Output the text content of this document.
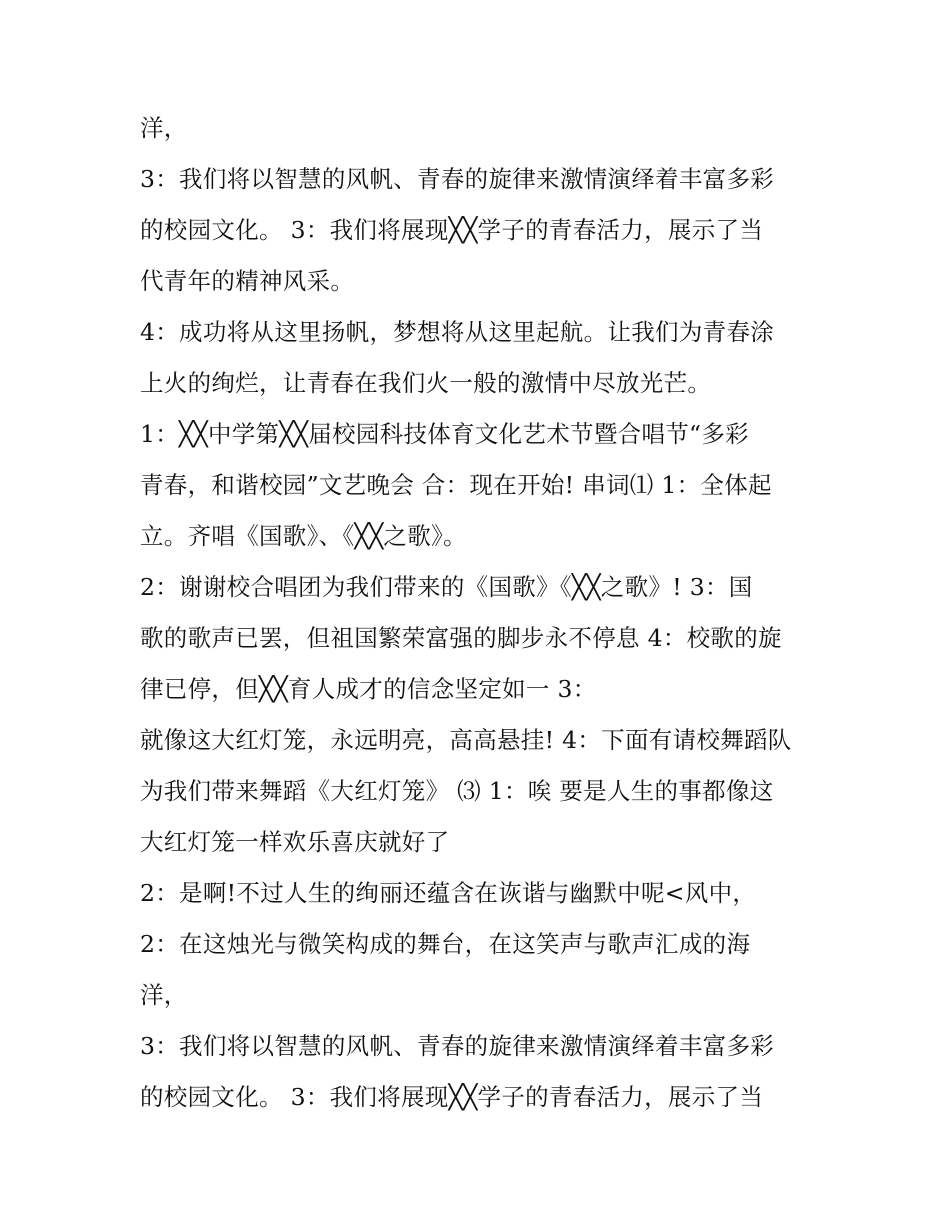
洋，
3：我们将以智慧的风帆、青春的旋律来激情演绎着丰富多彩
的校园文化。 3：我们将展现╳╳学子的青春活力，展示了当
代青年的精神风采。
4：成功将从这里扬帆，梦想将从这里起航。让我们为青春涂
上火的绚烂，让青春在我们火一般的激情中尽放光芒。
1：╳╳中学第╳╳届校园科技体育文化艺术节暨合唱节“多彩
青春，和谐校园”文艺晚会 合：现在开始! 串词⑴ 1：全体起
立。齐唱《国歌》、《╳╳之歌》。
2：谢谢校合唱团为我们带来的《国歌》《╳╳之歌》! 3：国
歌的歌声已罢，但祖国繁荣富强的脚步永不停息 4：校歌的旋
律已停，但╳╳育人成才的信念坚定如一 3：
就像这大红灯笼，永远明亮，高高悬挂! 4：下面有请校舞蹈队
为我们带来舞蹈《大红灯笼》 ⑶ 1：唉 要是人生的事都像这
大红灯笼一样欢乐喜庆就好了
2：是啊!不过人生的绚丽还蕴含在诙谐与幽默中呢<风中，
2：在这烛光与微笑构成的舞台，在这笑声与歌声汇成的海
洋，
3：我们将以智慧的风帆、青春的旋律来激情演绎着丰富多彩
的校园文化。 3：我们将展现╳╳学子的青春活力，展示了当
